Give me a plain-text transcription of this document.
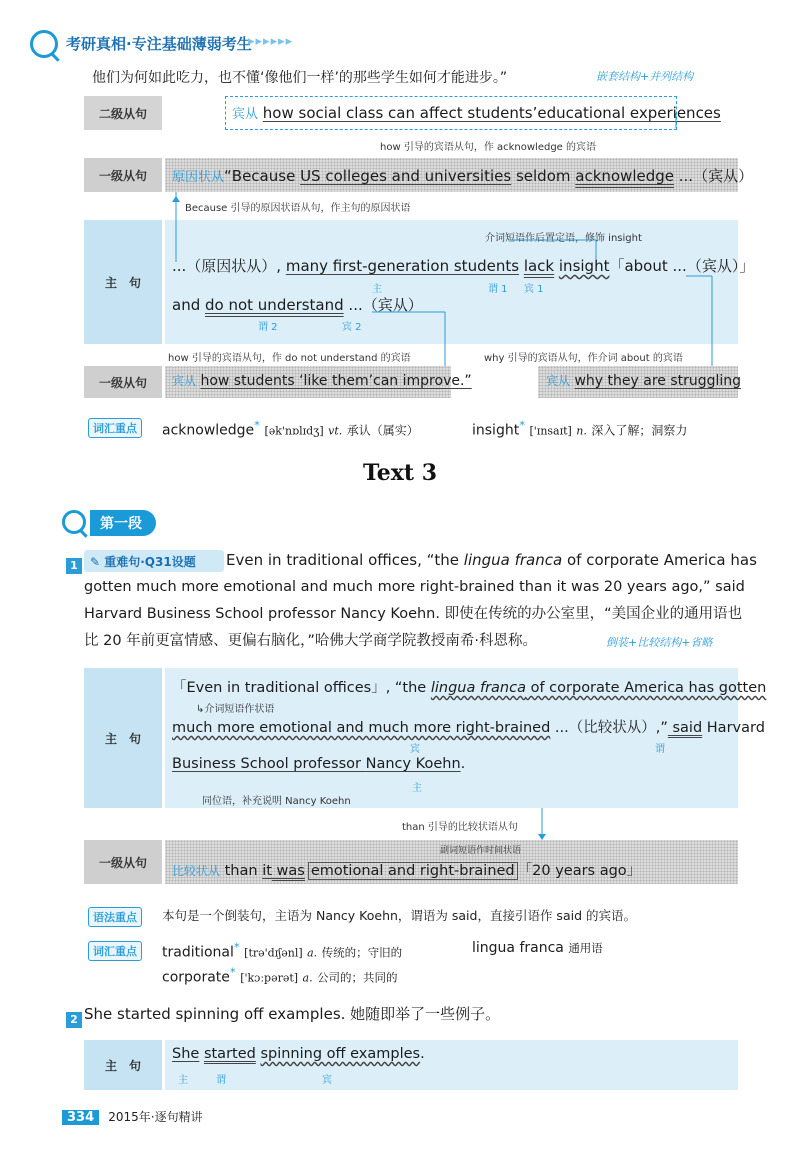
考研真相·专注基础薄弱考生
▸▸▸▸▸▸
他们为何如此吃力，也不懂‘像他们一样’的那些学生如何才能进步。”	嵌套结构+并列结构
二级从句	宾从 how social class can affect students’educational experiences
how 引导的宾语从句，作 acknowledge 的宾语
一级从句	原因状从“Because US colleges and universities seldom acknowledge ...（宾从）
Because 引导的原因状语从句，作主句的原因状语
主　句
介词短语作后置定语，修饰 insight
...（原因状从）, many first-generation students lack insight「about ...（宾从）」
主	谓 1 宾 1
and do not understand ...（宾从）
谓 2	宾 2
how 引导的宾语从句，作 do not understand 的宾语	why 引导的宾语从句，作介词 about 的宾语
一级从句	宾从 how students ‘like them’can improve.”	宾从 why they are struggling
词汇重点	acknowledge* [ək'nɒlɪdʒ] vt. 承认（属实）	insight* ['ɪnsaɪt] n. 深入了解；洞察力
Text 3
第一段
1	✎ 重难句·Q31设题 Even in traditional offices, “the lingua franca of corporate America has
gotten much more emotional and much more right-brained than it was 20 years ago,” said
Harvard Business School professor Nancy Koehn. 即使在传统的办公室里，“美国企业的通用语也
比 20 年前更富情感、更偏右脑化，”哈佛大学商学院教授南希·科恩称。	倒装+比较结构+省略
主　句
「Even in traditional offices」, “the lingua franca of corporate America has gotten
↳介词短语作状语
much more emotional and much more right-brained ...（比较状从）,” said Harvard
宾	谓
Business School professor Nancy Koehn.
主
同位语，补充说明 Nancy Koehn
than 引导的比较状语从句
一级从句
副词短语作时间状语
比较状从 than it was emotional and right-brained 「20 years ago」
语法重点	本句是一个倒装句，主语为 Nancy Koehn，谓语为 said，直接引语作 said 的宾语。
词汇重点	traditional* [trə'dɪʃənl] a. 传统的；守旧的	lingua franca 通用语
corporate* ['kɔːpərət] a. 公司的；共同的
2 She started spinning off examples. 她随即举了一些例子。
主　句
She started spinning off examples.
主	谓	宾
334 2015年·逐句精讲
